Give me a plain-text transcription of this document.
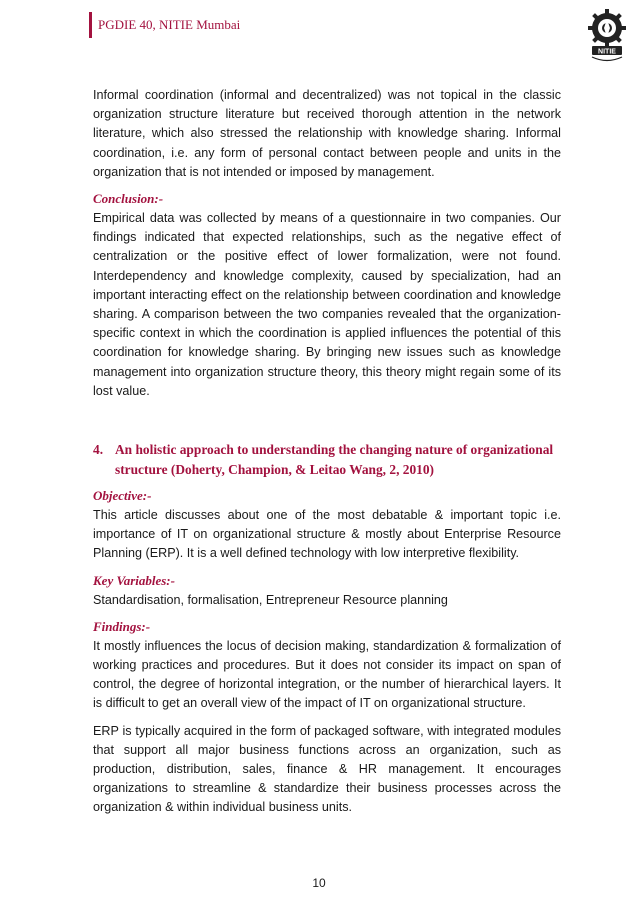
PGDIE 40, NITIE Mumbai
NITIE

Informal coordination (informal and decentralized) was not topical in the classic organization structure literature but received thorough attention in the network literature, which also stressed the relationship with knowledge sharing. Informal coordination, i.e. any form of personal contact between people and units in the organization that is not intended or imposed by management.

Conclusion:-

Empirical data was collected by means of a questionnaire in two companies. Our findings indicated that expected relationships, such as the negative effect of centralization or the positive effect of lower formalization, were not found. Interdependency and knowledge complexity, caused by specialization, had an important interacting effect on the relationship between coordination and knowledge sharing. A comparison between the two companies revealed that the organization-specific context in which the coordination is applied influences the potential of this coordination for knowledge sharing. By bringing new issues such as knowledge management into organization structure theory, this theory might regain some of its lost value.

4. An holistic approach to understanding the changing nature of organizational structure (Doherty, Champion, & Leitao Wang, 2, 2010)
Objective:-

This article discusses about one of the most debatable & important topic i.e. importance of IT on organizational structure & mostly about Enterprise Resource Planning (ERP). It is a well defined technology with low interpretive flexibility.

Key Variables:-

Standardisation, formalisation, Entrepreneur Resource planning

Findings:-

It mostly influences the locus of decision making, standardization & formalization of working practices and procedures. But it does not consider its impact on span of control, the degree of horizontal integration, or the number of hierarchical layers. It is difficult to get an overall view of the impact of IT on organizational structure.

ERP is typically acquired in the form of packaged software, with integrated modules that support all major business functions across an organization, such as production, distribution, sales, finance & HR management. It encourages organizations to streamline & standardize their business processes across the organization & within individual business units.

10
